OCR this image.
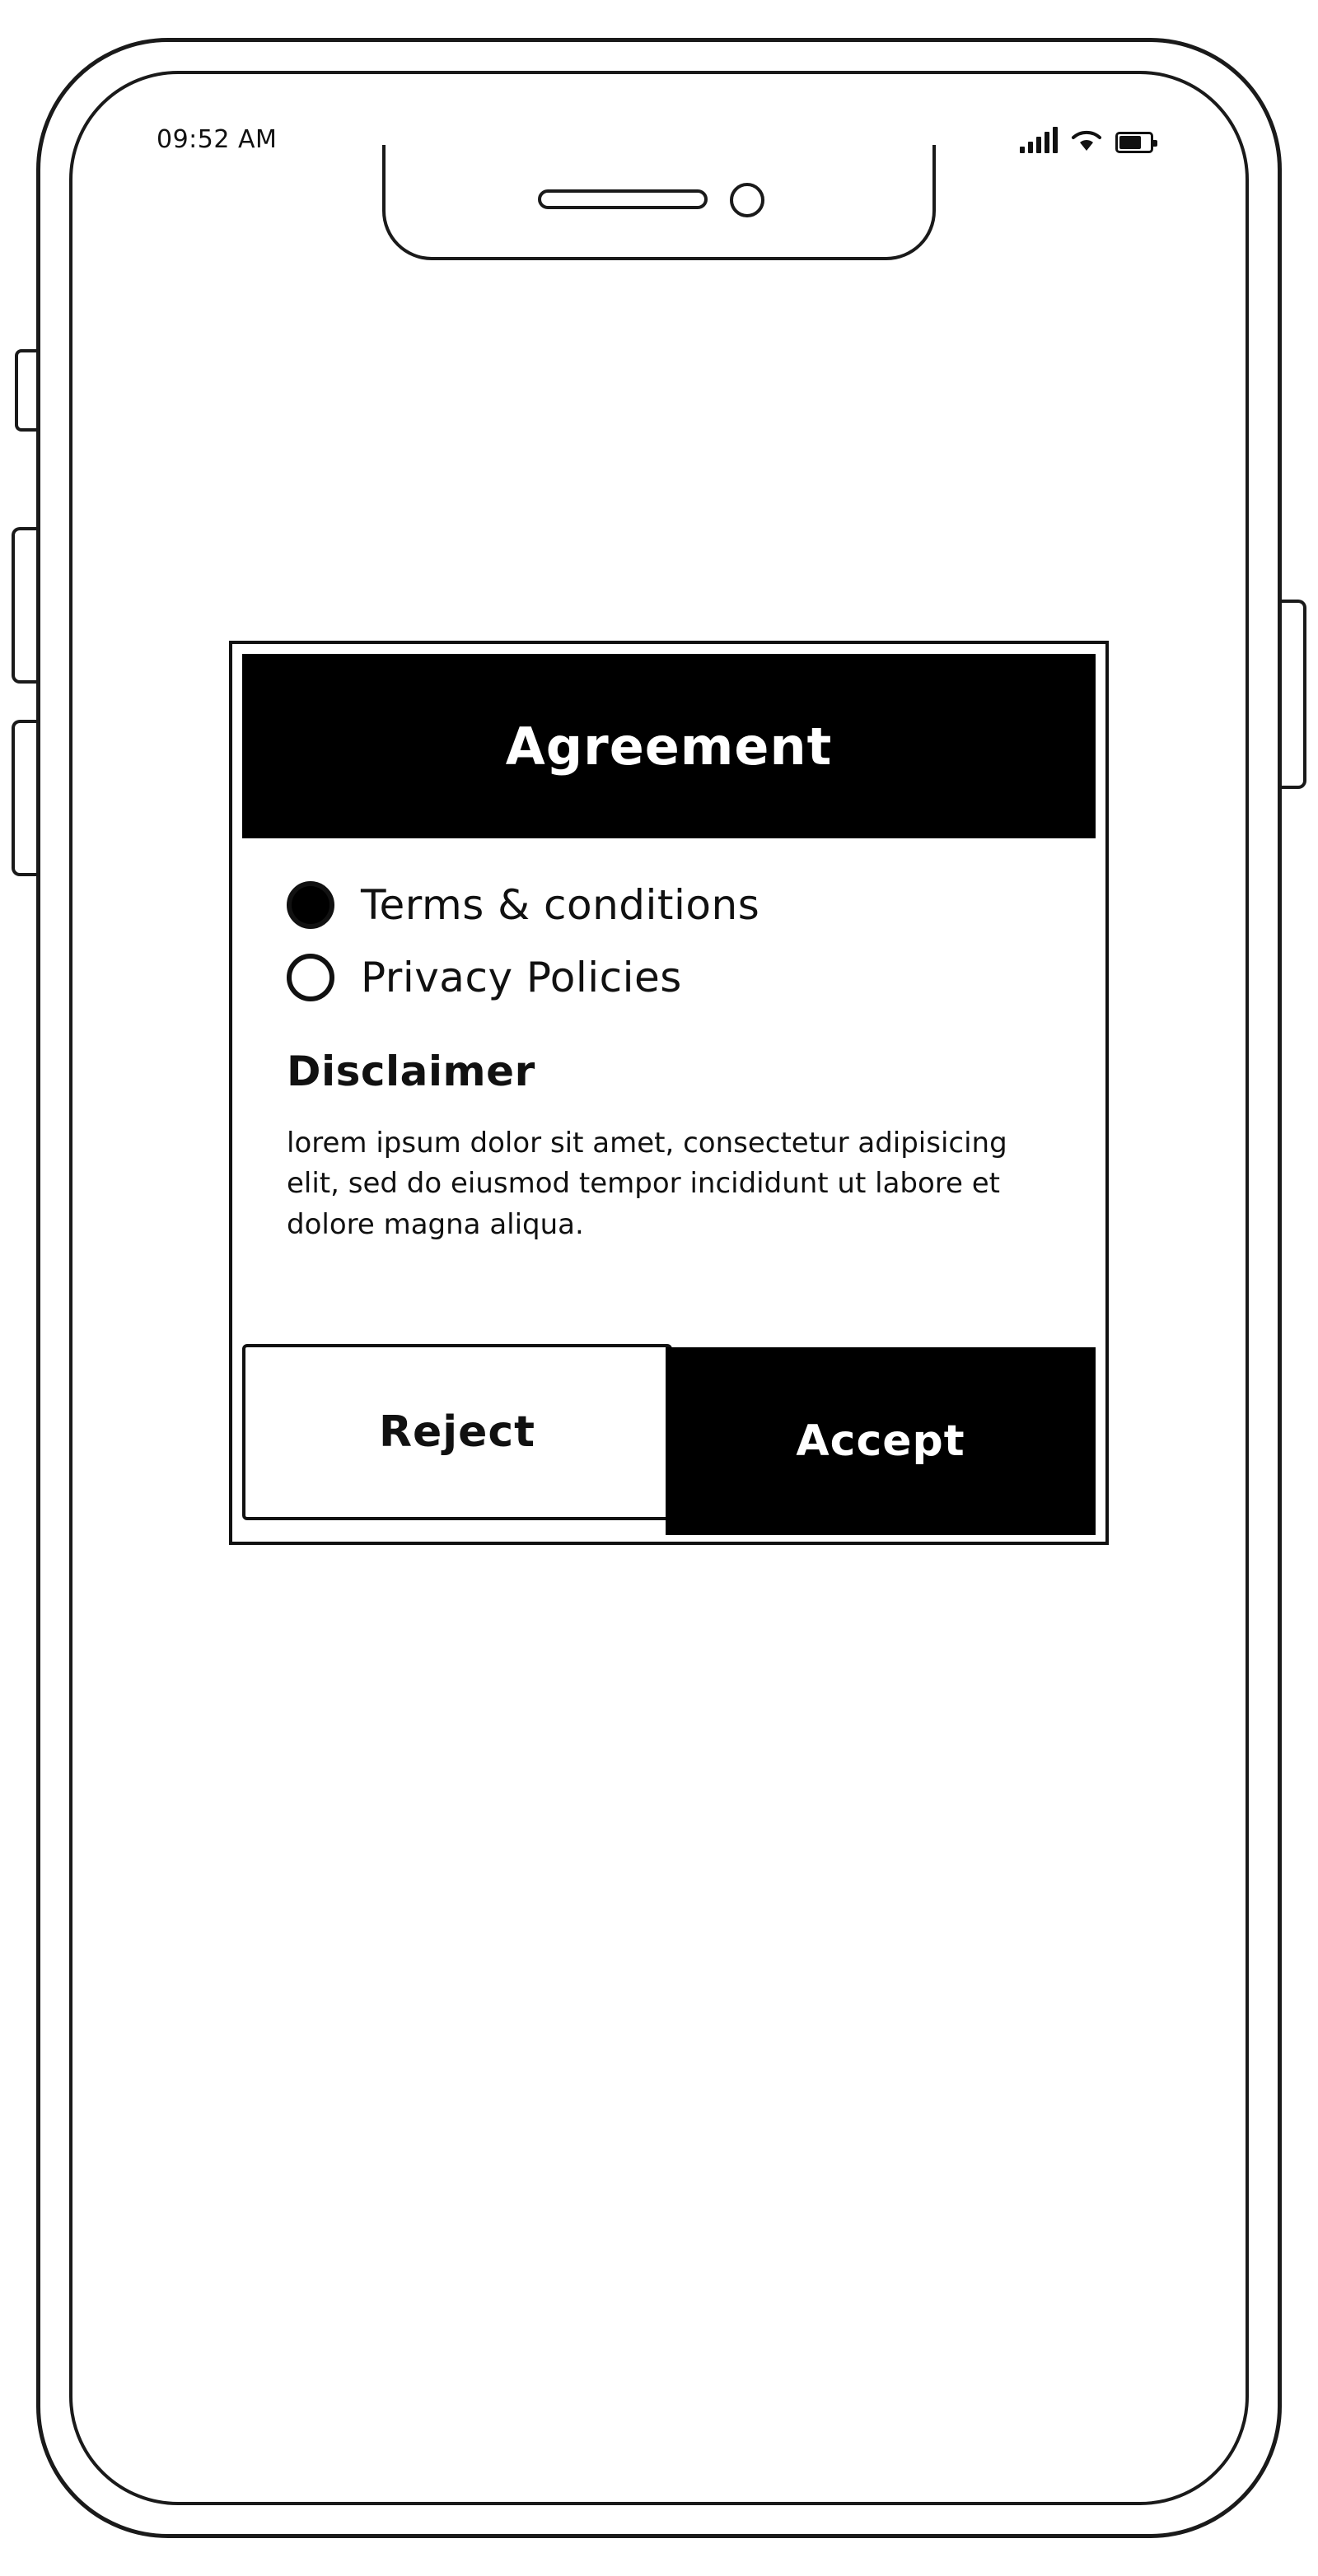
09:52 AM
Agreement
Terms & conditions
Privacy Policies
Disclaimer
lorem ipsum dolor sit amet, consectetur adipisicing elit, sed do eiusmod tempor incididunt ut labore et dolore magna aliqua.
Reject	Accept
